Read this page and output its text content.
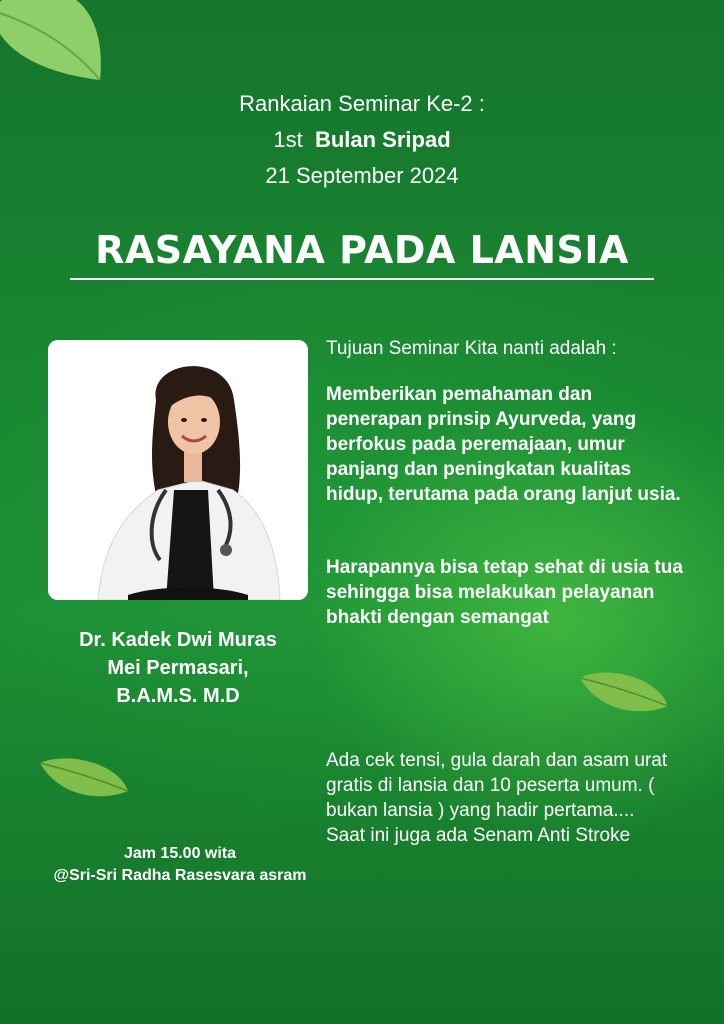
Rankaian Seminar Ke-2 :
1st Bulan Sripad
21 September 2024
RASAYANA PADA LANSIA
Dr. Kadek Dwi Muras
Mei Permasari,
B.A.M.S. M.D
Tujuan Seminar Kita nanti adalah :
Memberikan pemahaman dan penerapan prinsip Ayurveda, yang berfokus pada peremajaan, umur panjang dan peningkatan kualitas hidup, terutama pada orang lanjut usia.
Harapannya bisa tetap sehat di usia tua sehingga bisa melakukan pelayanan bhakti dengan semangat

Ada cek tensi, gula darah dan asam urat gratis di lansia dan 10 peserta umum. ( bukan lansia ) yang hadir pertama....

Saat ini juga ada Senam Anti Stroke

Jam 15.00 wita
@Sri-Sri Radha Rasesvara asram
